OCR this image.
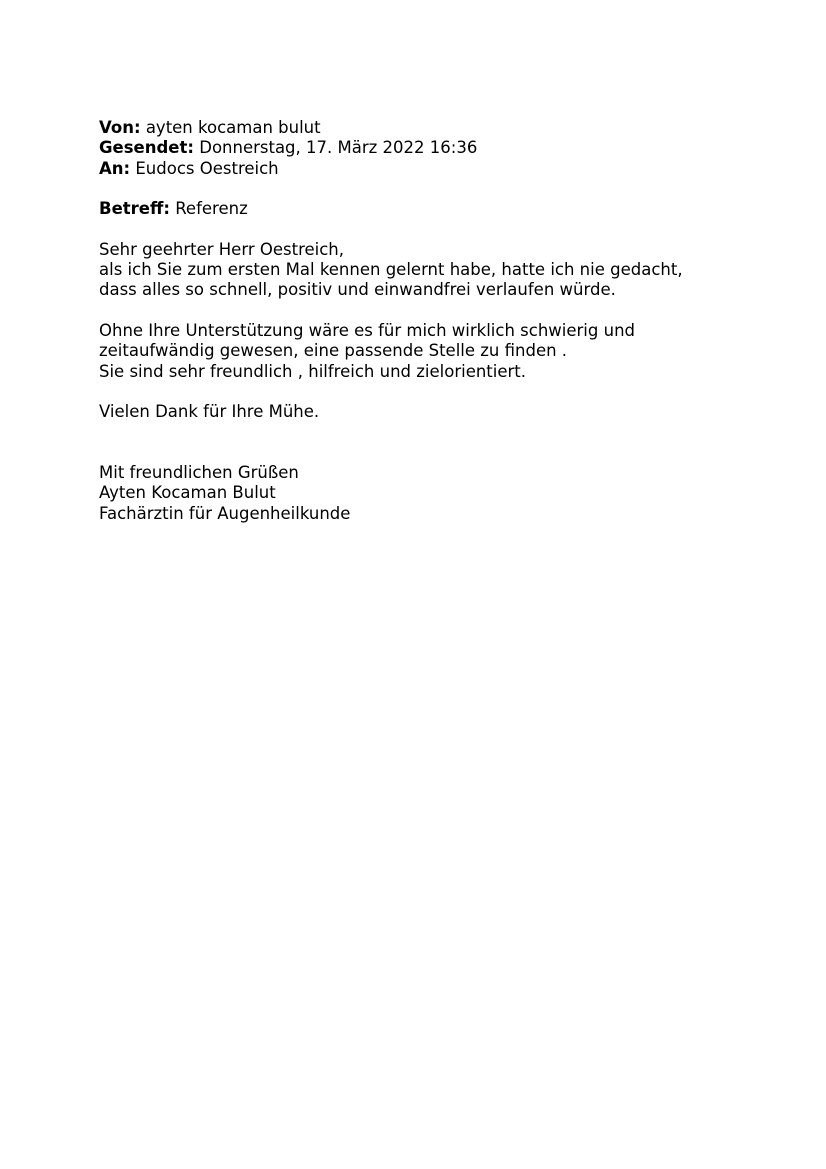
Von: ayten kocaman bulut
Gesendet: Donnerstag, 17. März 2022 16:36
An: Eudocs Oestreich
Betreff: Referenz
Sehr geehrter Herr Oestreich,
als ich Sie zum ersten Mal kennen gelernt habe, hatte ich nie gedacht,
dass alles so schnell, positiv und einwandfrei verlaufen würde.
Ohne Ihre Unterstützung wäre es für mich wirklich schwierig und
zeitaufwändig gewesen, eine passende Stelle zu finden .
Sie sind sehr freundlich , hilfreich und zielorientiert.
Vielen Dank für Ihre Mühe.
Mit freundlichen Grüßen
Ayten Kocaman Bulut
Fachärztin für Augenheilkunde
